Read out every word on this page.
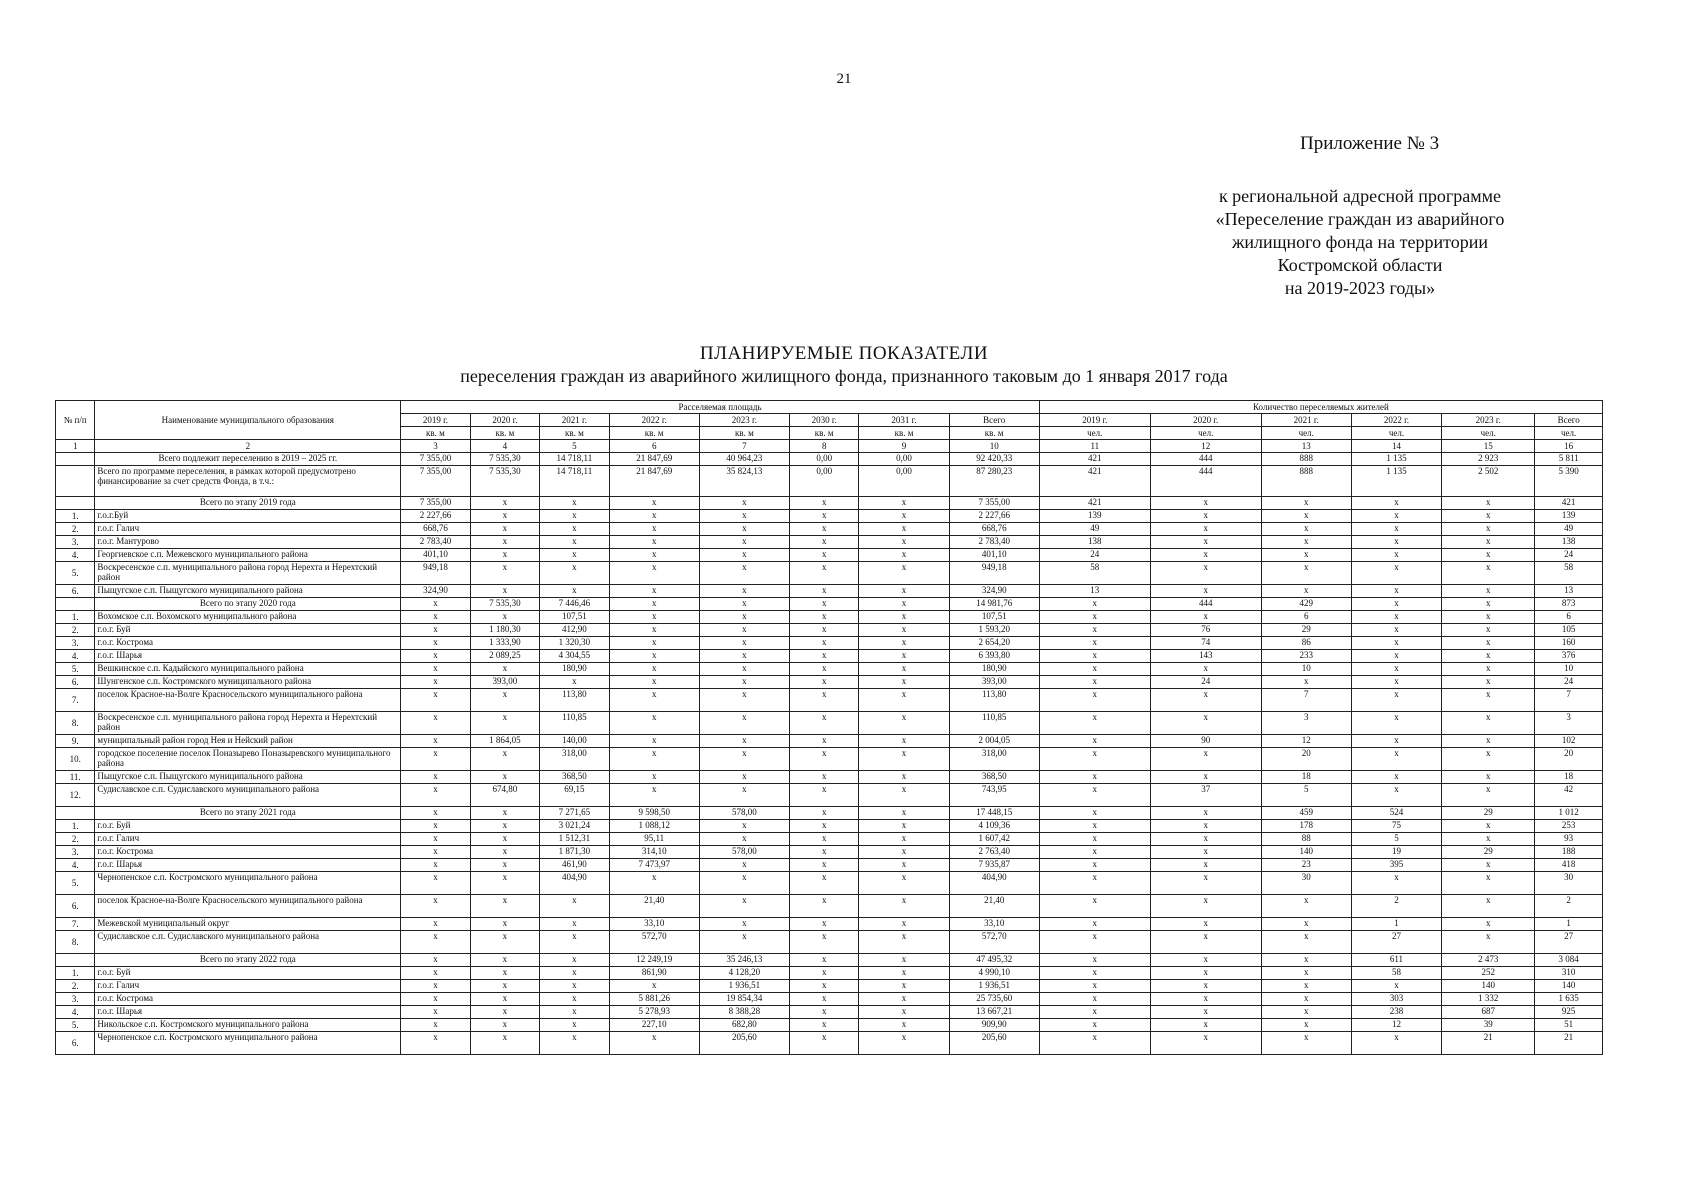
21
Приложение № 3
к региональной адресной программе
«Переселение граждан из аварийного
жилищного фонда на территории
Костромской области
на 2019-2023 годы»
ПЛАНИРУЕМЫЕ ПОКАЗАТЕЛИ
переселения граждан из аварийного жилищного фонда, признанного таковым до 1 января 2017 года
№ п/п	Наименование муниципального образования	Расселяемая площадь								Количество переселяемых жителей					
		2019 г.	2020 г.	2021 г.	2022 г.	2023 г.	2030 г.	2031 г.	Всего	2019 г.	2020 г.	2021 г.	2022 г.	2023 г.	Всего
		кв. м	кв. м	кв. м	кв. м	кв. м	кв. м	кв. м	кв. м	чел.	чел.	чел.	чел.	чел.	чел.
1	2	3	4	5	6	7	8	9	10	11	12	13	14	15	16
	Всего подлежит переселению в 2019 – 2025 гг.	7 355,00	7 535,30	14 718,11	21 847,69	40 964,23	0,00	0,00	92 420,33	421	444	888	1 135	2 923	5 811
	Всего по программе переселения, в рамках которой предусмотрено финансирование за счет средств Фонда, в т.ч.:	7 355,00	7 535,30	14 718,11	21 847,69	35 824,13	0,00	0,00	87 280,23	421	444	888	1 135	2 502	5 390
	Всего по этапу 2019 года	7 355,00	x	x	x	x	x	x	7 355,00	421	x	x	x	x	421
1.	г.о.г.Буй	2 227,66	x	x	x	x	x	x	2 227,66	139	x	x	x	x	139
2.	г.о.г. Галич	668,76	x	x	x	x	x	x	668,76	49	x	x	x	x	49
3.	г.о.г. Мантурово	2 783,40	x	x	x	x	x	x	2 783,40	138	x	x	x	x	138
4.	Георгиевское с.п. Межевского муниципального района	401,10	x	x	x	x	x	x	401,10	24	x	x	x	x	24
5.	Воскресенское с.п. муниципального района город Нерехта и Нерехтский район	949,18	x	x	x	x	x	x	949,18	58	x	x	x	x	58
6.	Пыщугское с.п. Пыщугского муниципального района	324,90	x	x	x	x	x	x	324,90	13	x	x	x	x	13
	Всего по этапу 2020 года	x	7 535,30	7 446,46	x	x	x	x	14 981,76	x	444	429	x	x	873
1.	Вохомское с.п. Вохомского муниципального района	x	x	107,51	x	x	x	x	107,51	x	x	6	x	x	6
2.	г.о.г. Буй	x	1 180,30	412,90	x	x	x	x	1 593,20	x	76	29	x	x	105
3.	г.о.г. Кострома	x	1 333,90	1 320,30	x	x	x	x	2 654,20	x	74	86	x	x	160
4.	г.о.г. Шарья	x	2 089,25	4 304,55	x	x	x	x	6 393,80	x	143	233	x	x	376
5.	Вешкинское с.п. Кадыйского муниципального района	x	x	180,90	x	x	x	x	180,90	x	x	10	x	x	10
6.	Шунгенское с.п. Костромского муниципального района	x	393,00	x	x	x	x	x	393,00	x	24	x	x	x	24
7.	поселок Красное-на-Волге Красносельского муниципального района	x	x	113,80	x	x	x	x	113,80	x	x	7	x	x	7
8.	Воскресенское с.п. муниципального района город Нерехта и Нерехтский район	x	x	110,85	x	x	x	x	110,85	x	x	3	x	x	3
9.	муниципальный район город Нея и Нейский район	x	1 864,05	140,00	x	x	x	x	2 004,05	x	90	12	x	x	102
10.	городское поселение поселок Поназырево Поназыревского муниципального района	x	x	318,00	x	x	x	x	318,00	x	x	20	x	x	20
11.	Пыщугское с.п. Пыщугского муниципального района	x	x	368,50	x	x	x	x	368,50	x	x	18	x	x	18
12.	Судиславское с.п. Судиславского муниципального района	x	674,80	69,15	x	x	x	x	743,95	x	37	5	x	x	42
	Всего по этапу 2021 года	x	x	7 271,65	9 598,50	578,00	x	x	17 448,15	x	x	459	524	29	1 012
1.	г.о.г. Буй	x	x	3 021,24	1 088,12	x	x	x	4 109,36	x	x	178	75	x	253
2.	г.о.г. Галич	x	x	1 512,31	95,11	x	x	x	1 607,42	x	x	88	5	x	93
3.	г.о.г. Кострома	x	x	1 871,30	314,10	578,00	x	x	2 763,40	x	x	140	19	29	188
4.	г.о.г. Шарья	x	x	461,90	7 473,97	x	x	x	7 935,87	x	x	23	395	x	418
5.	Чернопенское с.п. Костромского муниципального района	x	x	404,90	x	x	x	x	404,90	x	x	30	x	x	30
6.	поселок Красное-на-Волге Красносельского муниципального района	x	x	x	21,40	x	x	x	21,40	x	x	x	2	x	2
7.	Межевской муниципальный округ	x	x	x	33,10	x	x	x	33,10	x	x	x	1	x	1
8.	Судиславское с.п. Судиславского муниципального района	x	x	x	572,70	x	x	x	572,70	x	x	x	27	x	27
	Всего по этапу 2022 года	x	x	x	12 249,19	35 246,13	x	x	47 495,32	x	x	x	611	2 473	3 084
1.	г.о.г. Буй	x	x	x	861,90	4 128,20	x	x	4 990,10	x	x	x	58	252	310
2.	г.о.г. Галич	x	x	x	x	1 936,51	x	x	1 936,51	x	x	x	x	140	140
3.	г.о.г. Кострома	x	x	x	5 881,26	19 854,34	x	x	25 735,60	x	x	x	303	1 332	1 635
4.	г.о.г. Шарья	x	x	x	5 278,93	8 388,28	x	x	13 667,21	x	x	x	238	687	925
5.	Никольское с.п. Костромского муниципального района	x	x	x	227,10	682,80	x	x	909,90	x	x	x	12	39	51
6.	Чернопенское с.п. Костромского муниципального района	x	x	x	x	205,60	x	x	205,60	x	x	x	x	21	21
